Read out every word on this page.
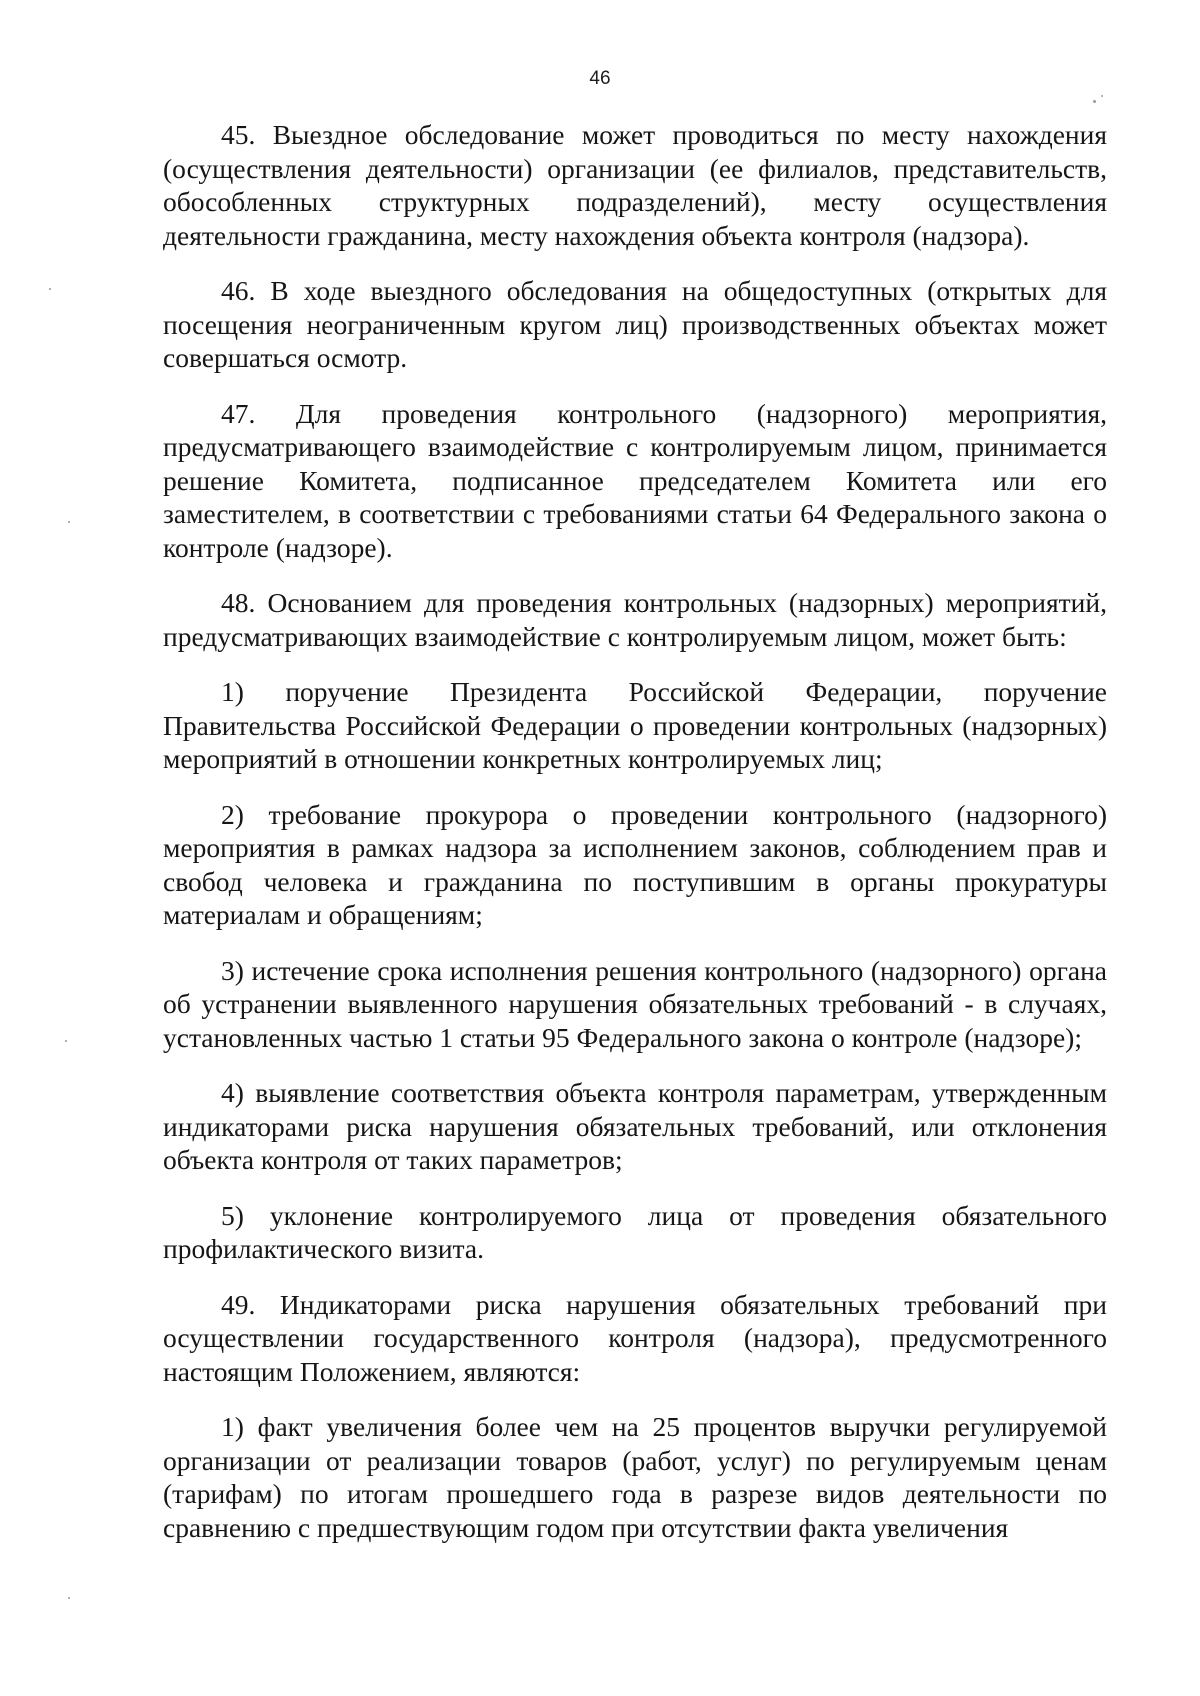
46

45. Выездное обследование может проводиться по месту нахождения (осуществления деятельности) организации (ее филиалов, представительств, обособленных структурных подразделений), месту осуществления деятельности гражданина, месту нахождения объекта контроля (надзора).

46. В ходе выездного обследования на общедоступных (открытых для посещения неограниченным кругом лиц) производственных объектах может совершаться осмотр.

47. Для проведения контрольного (надзорного) мероприятия, предусматривающего взаимодействие с контролируемым лицом, принимается решение Комитета, подписанное председателем Комитета или его заместителем, в соответствии с требованиями статьи 64 Федерального закона о контроле (надзоре).

48. Основанием для проведения контрольных (надзорных) мероприятий, предусматривающих взаимодействие с контролируемым лицом, может быть:

1) поручение Президента Российской Федерации, поручение Правительства Российской Федерации о проведении контрольных (надзорных) мероприятий в отношении конкретных контролируемых лиц;

2) требование прокурора о проведении контрольного (надзорного) мероприятия в рамках надзора за исполнением законов, соблюдением прав и свобод человека и гражданина по поступившим в органы прокуратуры материалам и обращениям;

3) истечение срока исполнения решения контрольного (надзорного) органа об устранении выявленного нарушения обязательных требований - в случаях, установленных частью 1 статьи 95 Федерального закона о контроле (надзоре);

4) выявление соответствия объекта контроля параметрам, утвержденным индикаторами риска нарушения обязательных требований, или отклонения объекта контроля от таких параметров;

5) уклонение контролируемого лица от проведения обязательного профилактического визита.

49. Индикаторами риска нарушения обязательных требований при осуществлении государственного контроля (надзора), предусмотренного настоящим Положением, являются:

1) факт увеличения более чем на 25 процентов выручки регулируемой организации от реализации товаров (работ, услуг) по регулируемым ценам (тарифам) по итогам прошедшего года в разрезе видов деятельности по сравнению с предшествующим годом при отсутствии факта увеличения
